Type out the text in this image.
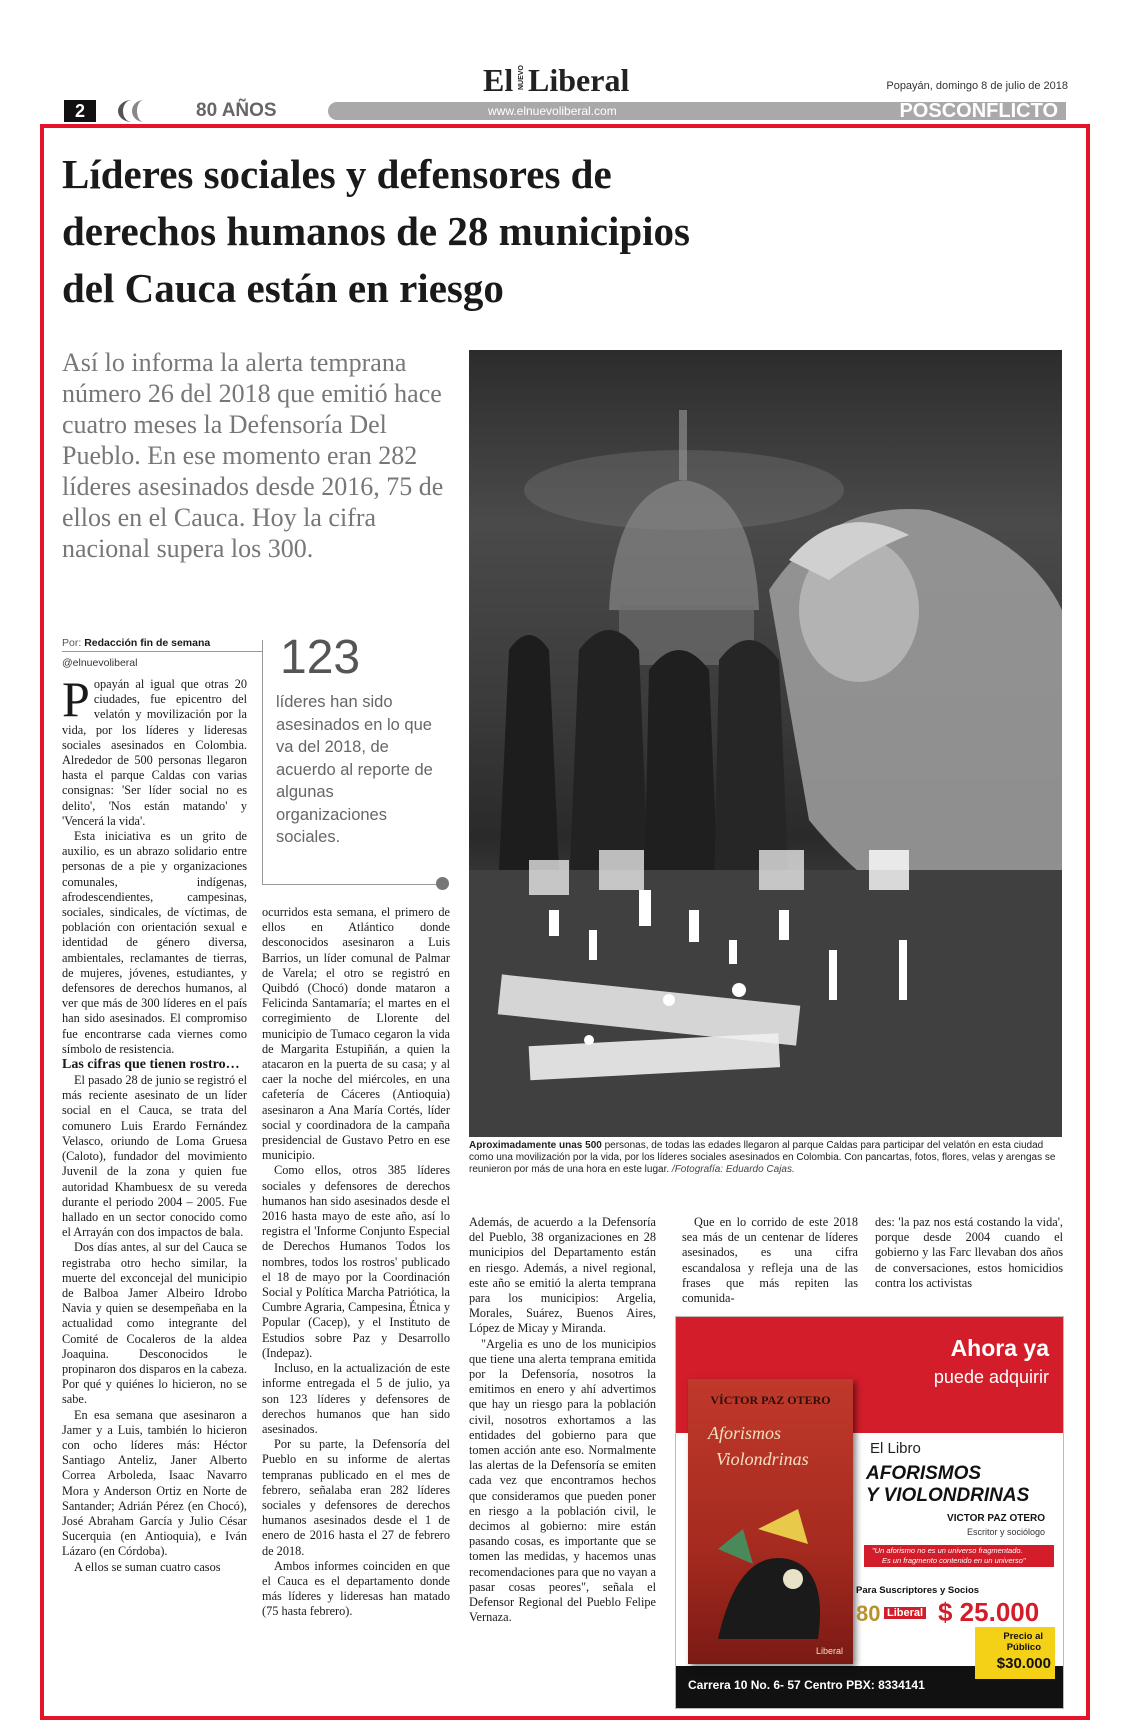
El NUEVO Liberal	Popayán, domingo 8 de julio de 2018
2	80 AÑOS	www.elnuevoliberal.com	POSCONFLICTO
Líderes sociales y defensores de
derechos humanos de 28 municipios
del Cauca están en riesgo
Así lo informa la alerta temprana número 26 del 2018 que emitió hace cuatro meses la Defensoría Del Pueblo. En ese momento eran 282 líderes asesinados desde 2016, 75 de ellos en el Cauca. Hoy la cifra nacional supera los 300.
Por: Redacción fin de semana
@elnuevoliberal	123
líderes han sido asesinados en lo que va del 2018, de acuerdo al reporte de algunas organizaciones sociales.
Aproximadamente unas 500 personas, de todas las edades llegaron al parque Caldas para participar del velatón en esta ciudad como una movilización por la vida, por los líderes sociales asesinados en Colombia. Con pancartas, fotos, flores, velas y arengas se reunieron por más de una hora en este lugar. /Fotografía: Eduardo Cajas.
P opayán al igual que otras 20 ciudades, fue epicentro del velatón y movilización por la vida, por los líderes y lideresas sociales asesinados en Colombia. Alrededor de 500 personas llegaron hasta el parque Caldas con varias consignas: 'Ser líder social no es delito', 'Nos están matando' y 'Vencerá la vida'.

Esta iniciativa es un grito de auxilio, es un abrazo solidario entre personas de a pie y organizaciones comunales, indígenas, afrodescendientes, campesinas, sociales, sindicales, de víctimas, de población con orientación sexual e identidad de género diversa, ambientales, reclamantes de tierras, de mujeres, jóvenes, estudiantes, y defensores de derechos humanos, al ver que más de 300 líderes en el país han sido asesinados. El compromiso fue encontrarse cada viernes como símbolo de resistencia.

Las cifras que tienen rostro…

El pasado 28 de junio se registró el más reciente asesinato de un líder social en el Cauca, se trata del comunero Luis Erardo Fernández Velasco, oriundo de Loma Gruesa (Caloto), fundador del movimiento Juvenil de la zona y quien fue autoridad Khambuesx de su vereda durante el periodo 2004 – 2005. Fue hallado en un sector conocido como el Arrayán con dos impactos de bala.

Dos días antes, al sur del Cauca se registraba otro hecho similar, la muerte del exconcejal del municipio de Balboa Jamer Albeiro Idrobo Navia y quien se desempeñaba en la actualidad como integrante del Comité de Cocaleros de la aldea Joaquina. Desconocidos le propinaron dos disparos en la cabeza. Por qué y quiénes lo hicieron, no se sabe.

En esa semana que asesinaron a Jamer y a Luis, también lo hicieron con ocho líderes más: Héctor Santiago Anteliz, Janer Alberto Correa Arboleda, Isaac Navarro Mora y Anderson Ortiz en Norte de Santander; Adrián Pérez (en Chocó), José Abraham García y Julio César Sucerquia (en Antioquia), e Iván Lázaro (en Córdoba).

A ellos se suman cuatro casos

ocurridos esta semana, el primero de ellos en Atlántico donde desconocidos asesinaron a Luis Barrios, un líder comunal de Palmar de Varela; el otro se registró en Quibdó (Chocó) donde mataron a Felicinda Santamaría; el martes en el corregimiento de Llorente del municipio de Tumaco cegaron la vida de Margarita Estupiñán, a quien la atacaron en la puerta de su casa; y al caer la noche del miércoles, en una cafetería de Cáceres (Antioquia) asesinaron a Ana María Cortés, líder social y coordinadora de la campaña presidencial de Gustavo Petro en ese municipio.

Como ellos, otros 385 líderes sociales y defensores de derechos humanos han sido asesinados desde el 2016 hasta mayo de este año, así lo registra el 'Informe Conjunto Especial de Derechos Humanos Todos los nombres, todos los rostros' publicado el 18 de mayo por la Coordinación Social y Política Marcha Patriótica, la Cumbre Agraria, Campesina, Étnica y Popular (Cacep), y el Instituto de Estudios sobre Paz y Desarrollo (Indepaz).

Incluso, en la actualización de este informe entregada el 5 de julio, ya son 123 líderes y defensores de derechos humanos que han sido asesinados.

Por su parte, la Defensoría del Pueblo en su informe de alertas tempranas publicado en el mes de febrero, señalaba eran 282 líderes sociales y defensores de derechos humanos asesinados desde el 1 de enero de 2016 hasta el 27 de febrero de 2018.

Ambos informes coinciden en que el Cauca es el departamento donde más líderes y lideresas han matado (75 hasta febrero).

Además, de acuerdo a la Defensoría del Pueblo, 38 organizaciones en 28 municipios del Departamento están en riesgo. Además, a nivel regional, este año se emitió la alerta temprana para los municipios: Argelia, Morales, Suárez, Buenos Aires, López de Micay y Miranda.

"Argelia es uno de los municipios que tiene una alerta temprana emitida por la Defensoría, nosotros la emitimos en enero y ahí advertimos que hay un riesgo para la población civil, nosotros exhortamos a las entidades del gobierno para que tomen acción ante eso. Normalmente las alertas de la Defensoría se emiten cada vez que encontramos hechos que consideramos que pueden poner en riesgo a la población civil, le decimos al gobierno: mire están pasando cosas, es importante que se tomen las medidas, y hacemos unas recomendaciones para que no vayan a pasar cosas peores", señala el Defensor Regional del Pueblo Felipe Vernaza.

Que en lo corrido de este 2018 sea más de un centenar de líderes asesinados, es una cifra escandalosa y refleja una de las frases que más repiten las comunida-

des: 'la paz nos está costando la vida', porque desde 2004 cuando el gobierno y las Farc llevaban dos años de conversaciones, estos homicidios contra los activistas

Ahora ya
puede adquirir
VÍCTOR PAZ OTERO
Aforismos
Violondrinas
Liberal
El Libro
AFORISMOS
Y VIOLONDRINAS
VICTOR PAZ OTERO
Escritor y sociólogo
"Un aforismo no es un universo fragmentado.
Es un fragmento contenido en un universo"
Para Suscriptores y Socios
80 Liberal $ 25.000
Precio al
Público
$30.000
Carrera 10 No. 6- 57 Centro PBX: 8334141
